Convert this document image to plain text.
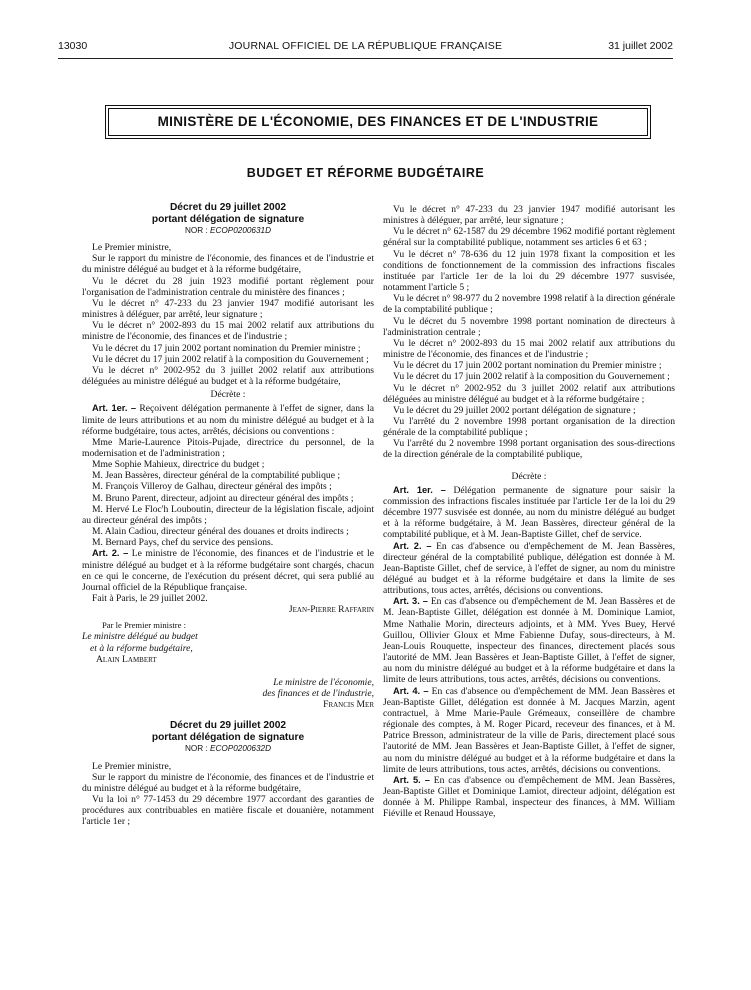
13030	JOURNAL OFFICIEL DE LA RÉPUBLIQUE FRANÇAISE	31 juillet 2002
MINISTÈRE DE L'ÉCONOMIE, DES FINANCES ET DE L'INDUSTRIE
BUDGET ET RÉFORME BUDGÉTAIRE
Décret du 29 juillet 2002
portant délégation de signature
NOR : ECOP0200631D

Le Premier ministre,

Sur le rapport du ministre de l'économie, des finances et de l'industrie et du ministre délégué au budget et à la réforme budgétaire,

Vu le décret du 28 juin 1923 modifié portant règlement pour l'organisation de l'administration centrale du ministère des finances ;

Vu le décret n° 47-233 du 23 janvier 1947 modifié autorisant les ministres à déléguer, par arrêté, leur signature ;

Vu le décret n° 2002-893 du 15 mai 2002 relatif aux attributions du ministre de l'économie, des finances et de l'industrie ;

Vu le décret du 17 juin 2002 portant nomination du Premier ministre ;

Vu le décret du 17 juin 2002 relatif à la composition du Gouvernement ;

Vu le décret n° 2002-952 du 3 juillet 2002 relatif aux attributions déléguées au ministre délégué au budget et à la réforme budgétaire,

Décrète :

Art. 1er. – Reçoivent délégation permanente à l'effet de signer, dans la limite de leurs attributions et au nom du ministre délégué au budget et à la réforme budgétaire, tous actes, arrêtés, décisions ou conventions :

Mme Marie-Laurence Pitois-Pujade, directrice du personnel, de la modernisation et de l'administration ;

Mme Sophie Mahieux, directrice du budget ;

M. Jean Bassères, directeur général de la comptabilité publique ;

M. François Villeroy de Galhau, directeur général des impôts ;

M. Bruno Parent, directeur, adjoint au directeur général des impôts ;

M. Hervé Le Floc'h Louboutin, directeur de la législation fiscale, adjoint au directeur général des impôts ;

M. Alain Cadiou, directeur général des douanes et droits indirects ;

M. Bernard Pays, chef du service des pensions.

Art. 2. – Le ministre de l'économie, des finances et de l'industrie et le ministre délégué au budget et à la réforme budgétaire sont chargés, chacun en ce qui le concerne, de l'exécution du présent décret, qui sera publié au Journal officiel de la République française.

Fait à Paris, le 29 juillet 2002.

Jean-Pierre Raffarin

Par le Premier ministre :

Le ministre délégué au budget

et à la réforme budgétaire,

Alain Lambert

Le ministre de l'économie,

des finances et de l'industrie,

Francis Mer

Décret du 29 juillet 2002
portant délégation de signature
NOR : ECOP0200632D

Le Premier ministre,

Sur le rapport du ministre de l'économie, des finances et de l'industrie et du ministre délégué au budget et à la réforme budgétaire,

Vu la loi n° 77-1453 du 29 décembre 1977 accordant des garanties de procédures aux contribuables en matière fiscale et douanière, notamment l'article 1er ;

Vu le décret n° 47-233 du 23 janvier 1947 modifié autorisant les ministres à déléguer, par arrêté, leur signature ;

Vu le décret n° 62-1587 du 29 décembre 1962 modifié portant règlement général sur la comptabilité publique, notamment ses articles 6 et 63 ;

Vu le décret n° 78-636 du 12 juin 1978 fixant la composition et les conditions de fonctionnement de la commission des infractions fiscales instituée par l'article 1er de la loi du 29 décembre 1977 susvisée, notamment l'article 5 ;

Vu le décret n° 98-977 du 2 novembre 1998 relatif à la direction générale de la comptabilité publique ;

Vu le décret du 5 novembre 1998 portant nomination de directeurs à l'administration centrale ;

Vu le décret n° 2002-893 du 15 mai 2002 relatif aux attributions du ministre de l'économie, des finances et de l'industrie ;

Vu le décret du 17 juin 2002 portant nomination du Premier ministre ;

Vu le décret du 17 juin 2002 relatif à la composition du Gouvernement ;

Vu le décret n° 2002-952 du 3 juillet 2002 relatif aux attributions déléguées au ministre délégué au budget et à la réforme budgétaire ;

Vu le décret du 29 juillet 2002 portant délégation de signature ;

Vu l'arrêté du 2 novembre 1998 portant organisation de la direction générale de la comptabilité publique ;

Vu l'arrêté du 2 novembre 1998 portant organisation des sous-directions de la direction générale de la comptabilité publique,

Décrète :

Art. 1er. – Délégation permanente de signature pour saisir la commission des infractions fiscales instituée par l'article 1er de la loi du 29 décembre 1977 susvisée est donnée, au nom du ministre délégué au budget et à la réforme budgétaire, à M. Jean Bassères, directeur général de la comptabilité publique, et à M. Jean-Baptiste Gillet, chef de service.

Art. 2. – En cas d'absence ou d'empêchement de M. Jean Bassères, directeur général de la comptabilité publique, délégation est donnée à M. Jean-Baptiste Gillet, chef de service, à l'effet de signer, au nom du ministre délégué au budget et à la réforme budgétaire et dans la limite de ses attributions, tous actes, arrêtés, décisions ou conventions.

Art. 3. – En cas d'absence ou d'empêchement de M. Jean Bassères et de M. Jean-Baptiste Gillet, délégation est donnée à M. Dominique Lamiot, Mme Nathalie Morin, directeurs adjoints, et à MM. Yves Buey, Hervé Guillou, Ollivier Gloux et Mme Fabienne Dufay, sous-directeurs, à M. Jean-Louis Rouquette, inspecteur des finances, directement placés sous l'autorité de MM. Jean Bassères et Jean-Baptiste Gillet, à l'effet de signer, au nom du ministre délégué au budget et à la réforme budgétaire et dans la limite de leurs attributions, tous actes, arrêtés, décisions ou conventions.

Art. 4. – En cas d'absence ou d'empêchement de MM. Jean Bassères et Jean-Baptiste Gillet, délégation est donnée à M. Jacques Marzin, agent contractuel, à Mme Marie-Paule Grémeaux, conseillère de chambre régionale des comptes, à M. Roger Picard, receveur des finances, et à M. Patrice Bresson, administrateur de la ville de Paris, directement placé sous l'autorité de MM. Jean Bassères et Jean-Baptiste Gillet, à l'effet de signer, au nom du ministre délégué au budget et à la réforme budgétaire et dans la limite de leurs attributions, tous actes, arrêtés, décisions ou conventions.

Art. 5. – En cas d'absence ou d'empêchement de MM. Jean Bassères, Jean-Baptiste Gillet et Dominique Lamiot, directeur adjoint, délégation est donnée à M. Philippe Rambal, inspecteur des finances, à MM. William Fiéville et Renaud Houssaye,
